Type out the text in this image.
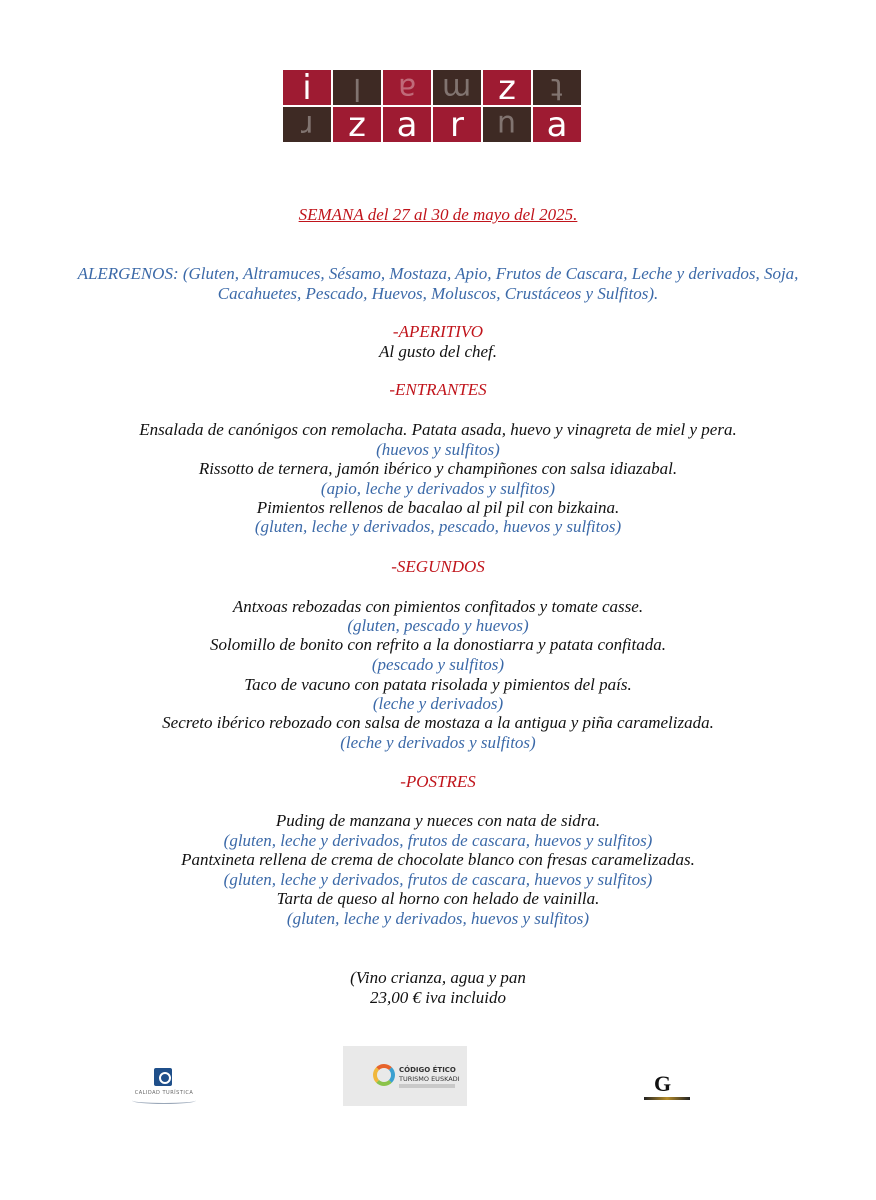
i l a m z t
r z a r u a
SEMANA del 27 al 30 de mayo del 2025.
ALERGENOS: (Gluten, Altramuces, Sésamo, Mostaza, Apio, Frutos de Cascara, Leche y derivados, Soja,
Cacahuetes, Pescado, Huevos, Moluscos, Crustáceos y Sulfitos).
-APERITIVO
Al gusto del chef.
-ENTRANTES
Ensalada de canónigos con remolacha. Patata asada, huevo y vinagreta de miel y pera.
(huevos y sulfitos)
Rissotto de ternera, jamón ibérico y champiñones con salsa idiazabal.
(apio, leche y derivados y sulfitos)
Pimientos rellenos de bacalao al pil pil con bizkaina.
(gluten, leche y derivados, pescado, huevos y sulfitos)
-SEGUNDOS
Antxoas rebozadas con pimientos confitados y tomate casse.
(gluten, pescado y huevos)
Solomillo de bonito con refrito a la donostiarra y patata confitada.
(pescado y sulfitos)
Taco de vacuno con patata risolada y pimientos del país.
(leche y derivados)
Secreto ibérico rebozado con salsa de mostaza a la antigua y piña caramelizada.
(leche y derivados y sulfitos)
-POSTRES
Puding de manzana y nueces con nata de sidra.
(gluten, leche y derivados, frutos de cascara, huevos y sulfitos)
Pantxineta rellena de crema de chocolate blanco con fresas caramelizadas.
(gluten, leche y derivados, frutos de cascara, huevos y sulfitos)
Tarta de queso al horno con helado de vainilla.
(gluten, leche y derivados, huevos y sulfitos)
(Vino crianza, agua y pan
23,00 € iva incluido
CALIDAD TURÍSTICA
CÓDIGO ÉTICO
TURISMO EUSKADI	G
